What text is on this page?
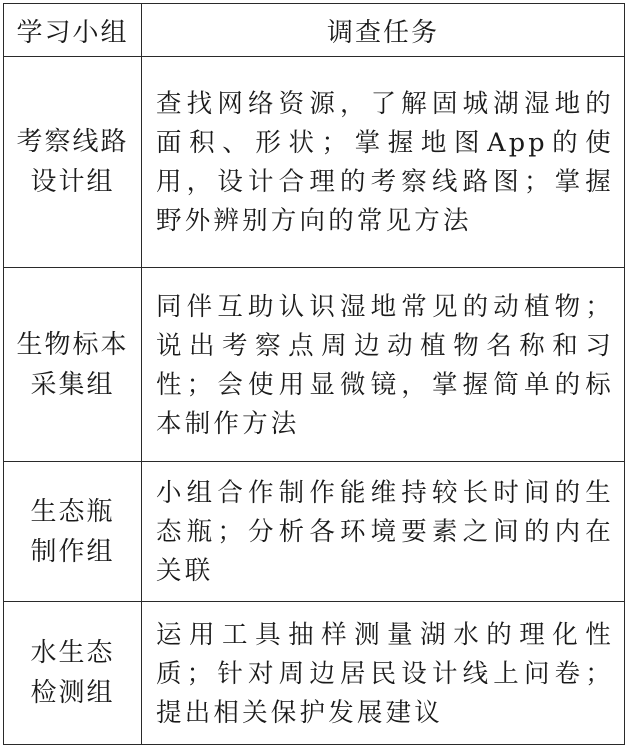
学习小组	调查任务

考察线路
设计组	查找网络资源，了解固城湖湿地的面积、形状；掌握地图App的使用，设计合理的考察线路图；掌握野外辨别方向的常见方法

生物标本
采集组	同伴互助认识湿地常见的动植物；说出考察点周边动植物名称和习性；会使用显微镜，掌握简单的标本制作方法

生态瓶
制作组	小组合作制作能维持较长时间的生态瓶；分析各环境要素之间的内在关联

水生态
检测组	运用工具抽样测量湖水的理化性质；针对周边居民设计线上问卷；提出相关保护发展建议
